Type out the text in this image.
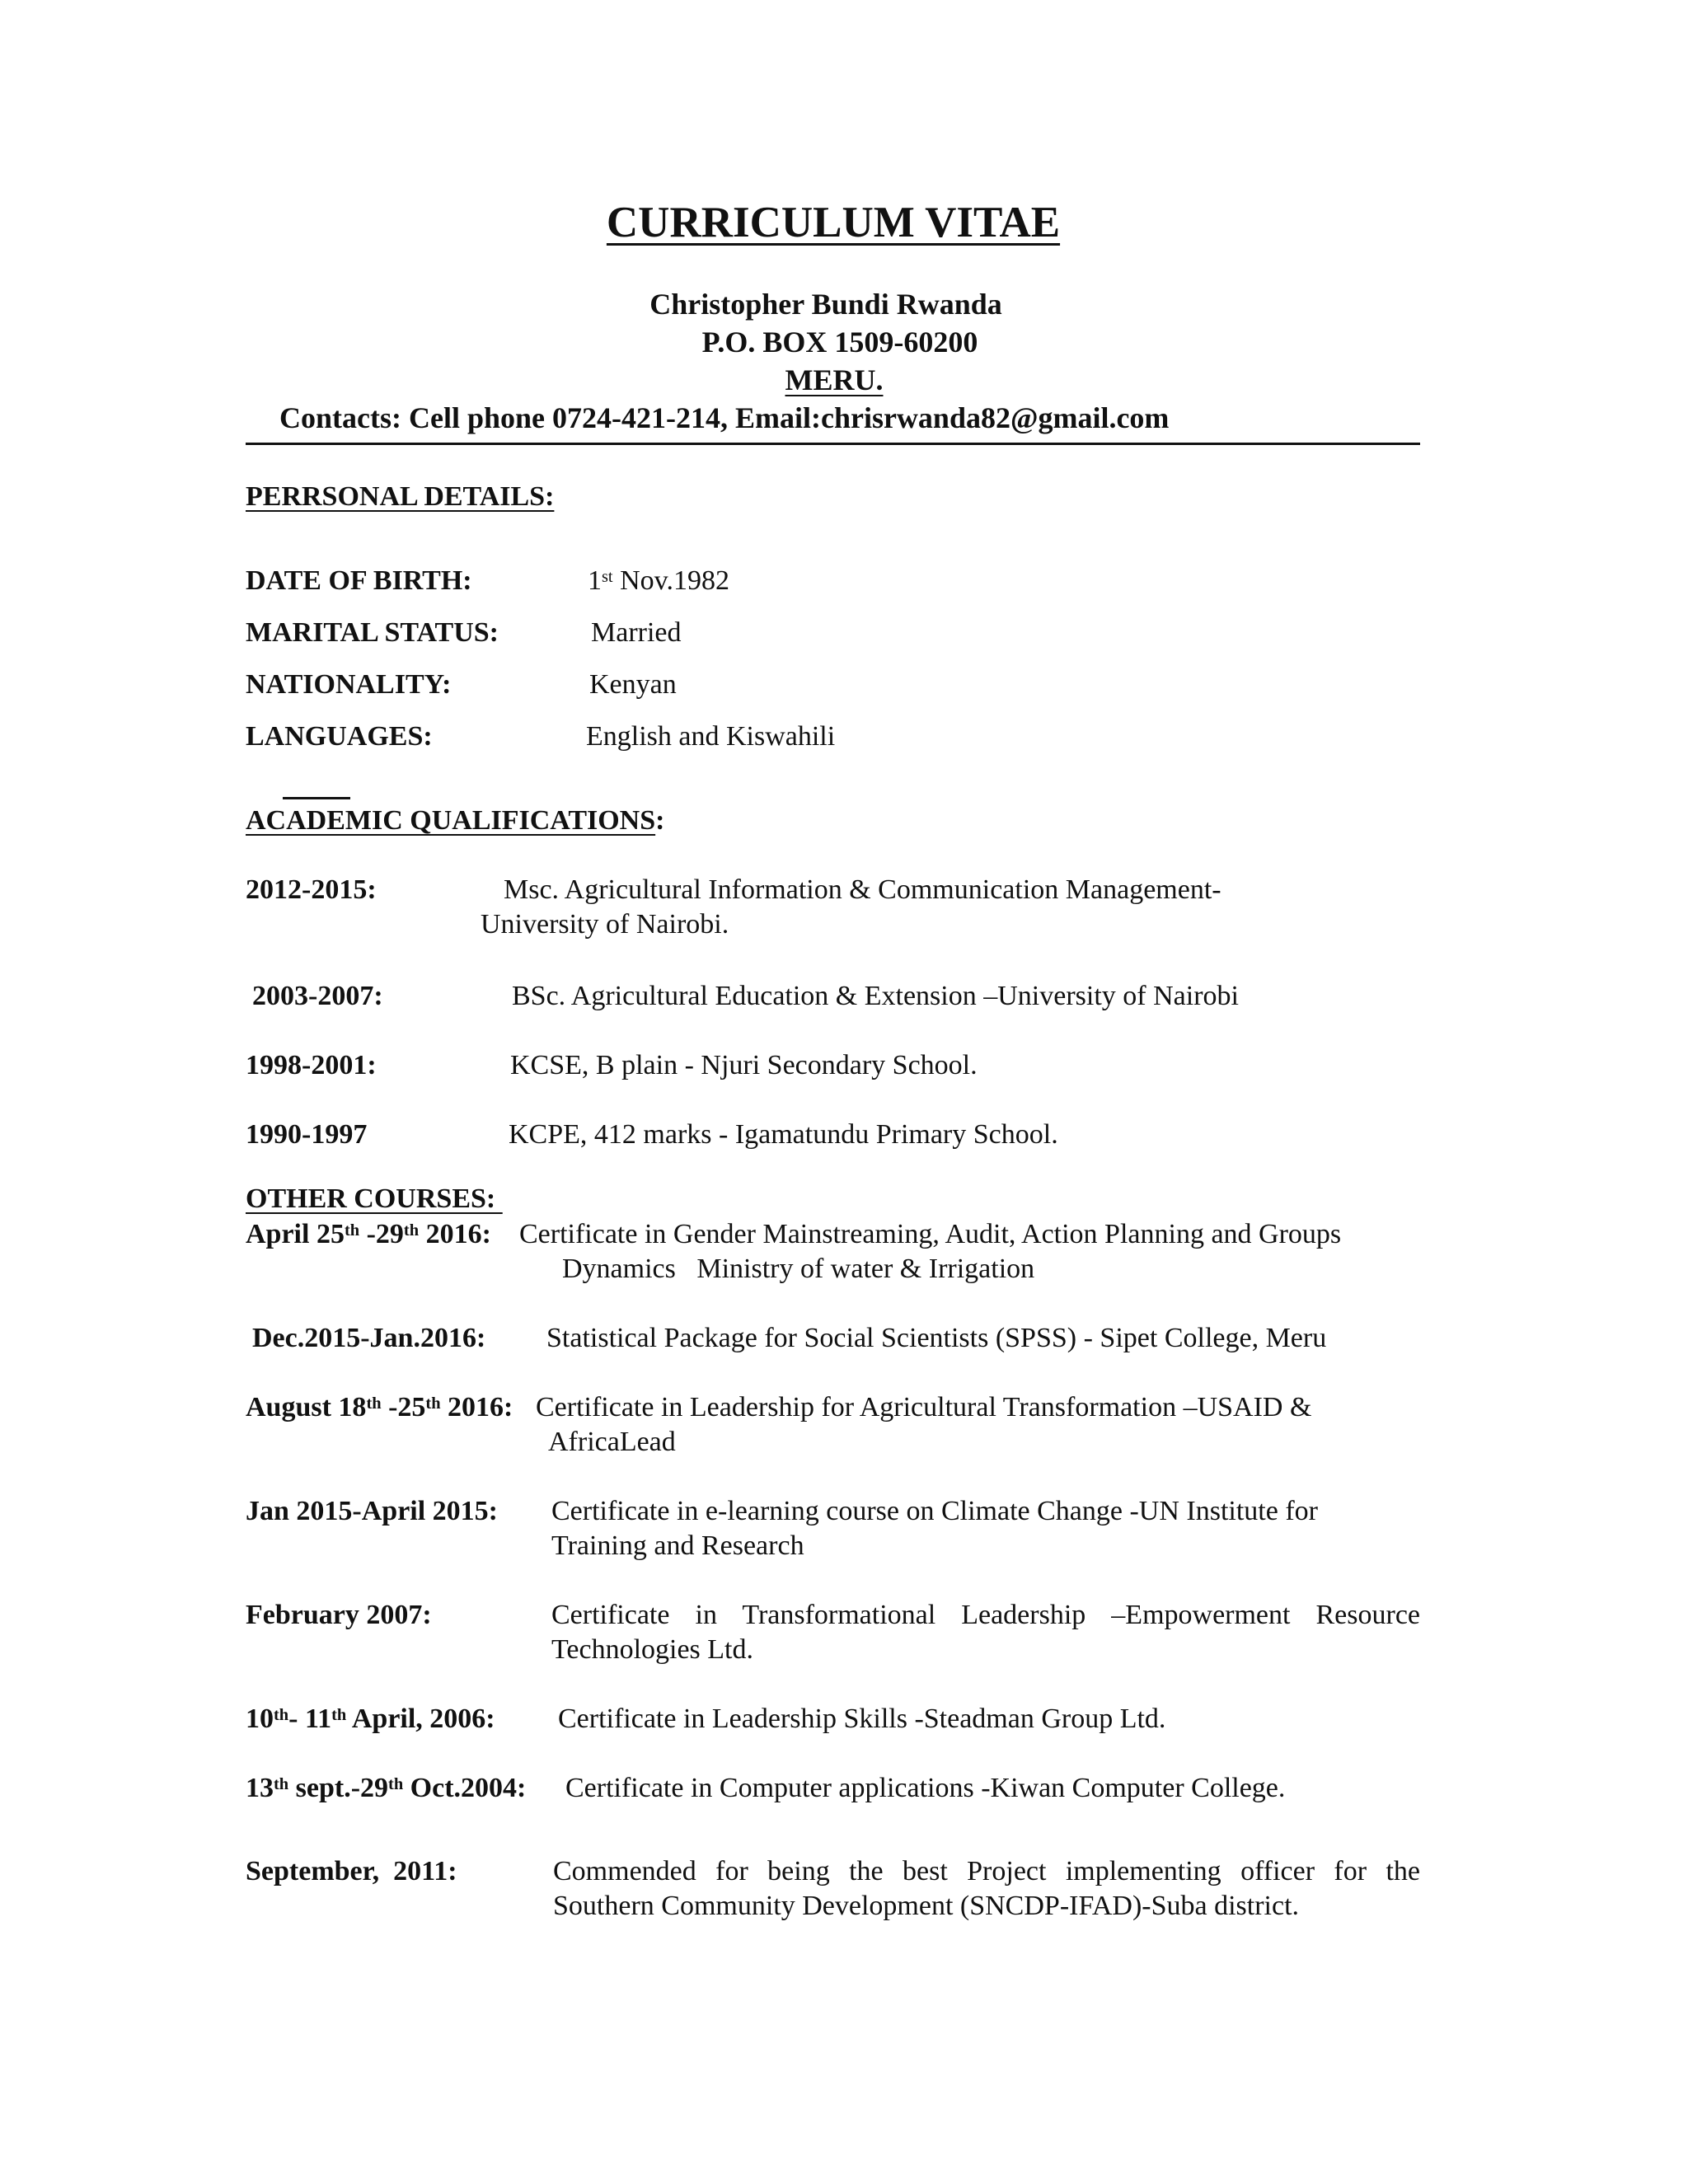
CURRICULUM VITAE
Christopher Bundi Rwanda
P.O. BOX 1509-60200
MERU.
Contacts: Cell phone 0724-421-214, Email:chrisrwanda82@gmail.com
PERRSONAL DETAILS:
DATE OF BIRTH:	1st Nov.1982
MARITAL STATUS:	Married
NATIONALITY:	Kenyan
LANGUAGES:	English and Kiswahili
ACADEMIC QUALIFICATIONS:
2012-2015:	Msc. Agricultural Information & Communication Management-
University of Nairobi.
2003-2007:	BSc. Agricultural Education & Extension –University of Nairobi
1998-2001:	KCSE, B plain - Njuri Secondary School.
1990-1997	KCPE, 412 marks - Igamatundu Primary School.
OTHER COURSES:
April 25th -29th 2016: Certificate in Gender Mainstreaming, Audit, Action Planning and Groups
Dynamics   Ministry of water & Irrigation
Dec.2015-Jan.2016: Statistical Package for Social Scientists (SPSS) - Sipet College, Meru
August 18th -25th 2016: Certificate in Leadership for Agricultural Transformation –USAID &
AfricaLead
Jan 2015-April 2015: Certificate in e-learning course on Climate Change -UN Institute for
Training and Research
February 2007:	Certificate in Transformational Leadership –Empowerment Resource
Technologies Ltd.
10th- 11th April, 2006: Certificate in Leadership Skills -Steadman Group Ltd.
13th sept.-29th Oct.2004: Certificate in Computer applications -Kiwan Computer College.
September,  2011:	Commended for being the best Project implementing officer for the
Southern Community Development (SNCDP-IFAD)-Suba district.
